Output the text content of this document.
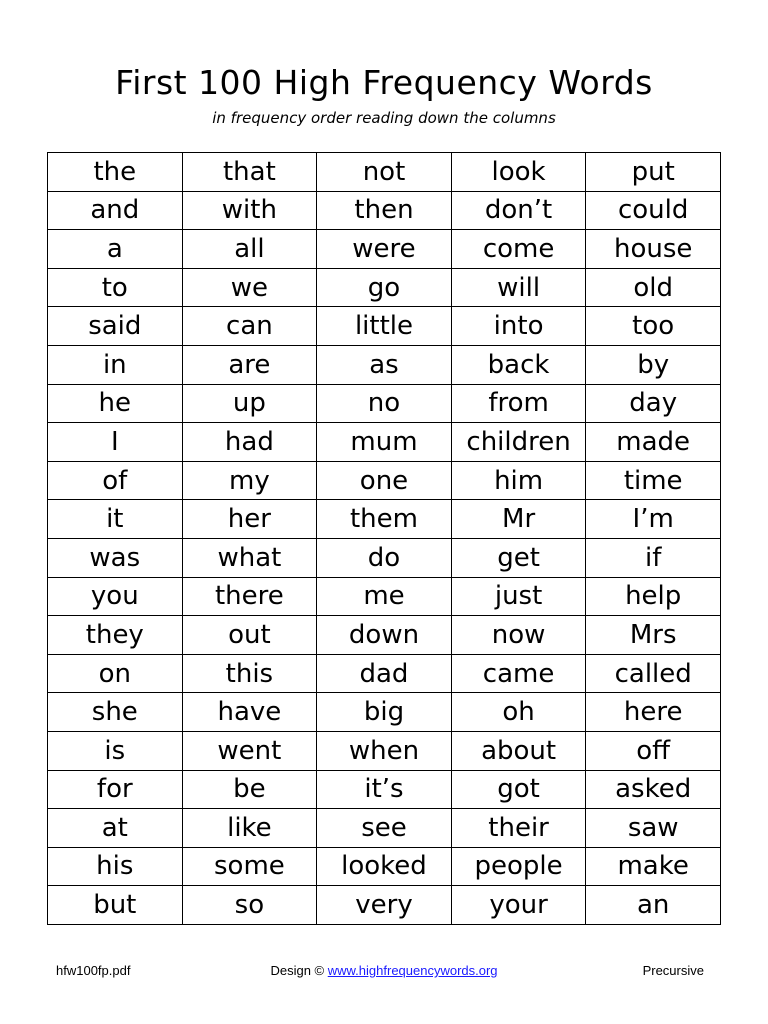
First 100 High Frequency Words
in frequency order reading down the columns
the	that	not	look	put
and	with	then	don’t	could
a	all	were	come	house
to	we	go	will	old
said	can	little	into	too
in	are	as	back	by
he	up	no	from	day
I	had	mum	children	made
of	my	one	him	time
it	her	them	Mr	I’m
was	what	do	get	if
you	there	me	just	help
they	out	down	now	Mrs
on	this	dad	came	called
she	have	big	oh	here
is	went	when	about	off
for	be	it’s	got	asked
at	like	see	their	saw
his	some	looked	people	make
but	so	very	your	an
hfw100fp.pdf	Design © www.highfrequencywords.org	Precursive
